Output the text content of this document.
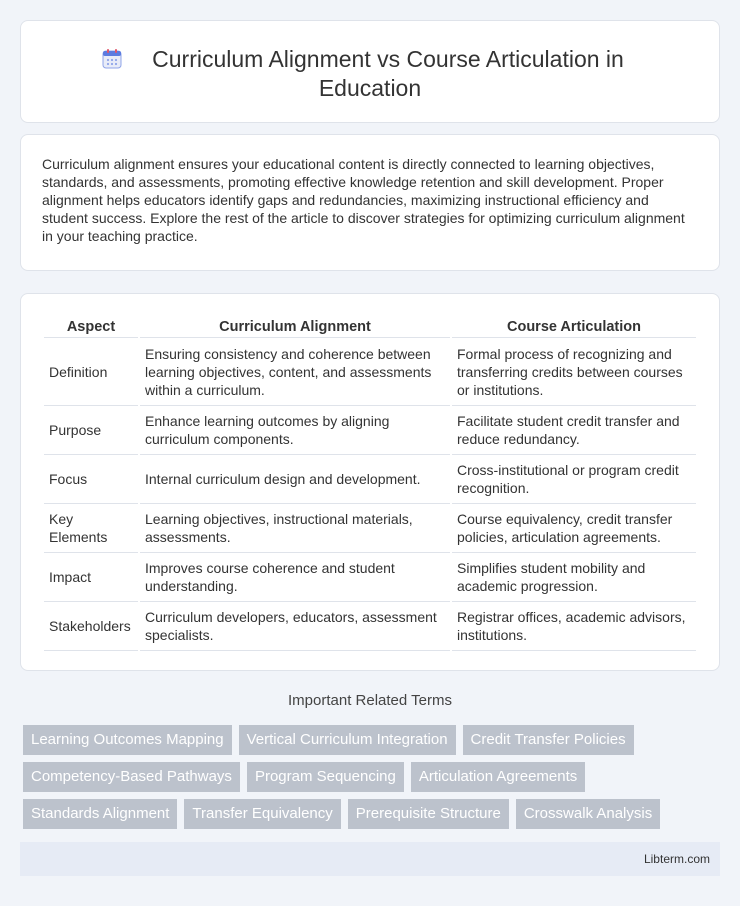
Curriculum Alignment vs Course Articulation in
Education

Curriculum alignment ensures your educational content is directly connected to learning objectives, standards, and assessments, promoting effective knowledge retention and skill development. Proper alignment helps educators identify gaps and redundancies, maximizing instructional efficiency and student success. Explore the rest of the article to discover strategies for optimizing curriculum alignment in your teaching practice.

Aspect	Curriculum Alignment	Course Articulation
Definition	Ensuring consistency and coherence between learning objectives, content, and assessments within a curriculum.	Formal process of recognizing and transferring credits between courses or institutions.
Purpose	Enhance learning outcomes by aligning curriculum components.	Facilitate student credit transfer and reduce redundancy.
Focus	Internal curriculum design and development.	Cross-institutional or program credit recognition.
Key Elements	Learning objectives, instructional materials, assessments.	Course equivalency, credit transfer policies, articulation agreements.
Impact	Improves course coherence and student understanding.	Simplifies student mobility and academic progression.
Stakeholders	Curriculum developers, educators, assessment specialists.	Registrar offices, academic advisors, institutions.
Important Related Terms
Learning Outcomes Mapping	Vertical Curriculum Integration	Credit Transfer Policies
Competency-Based Pathways	Program Sequencing	Articulation Agreements
Standards Alignment	Transfer Equivalency	Prerequisite Structure	Crosswalk Analysis
Libterm.com
